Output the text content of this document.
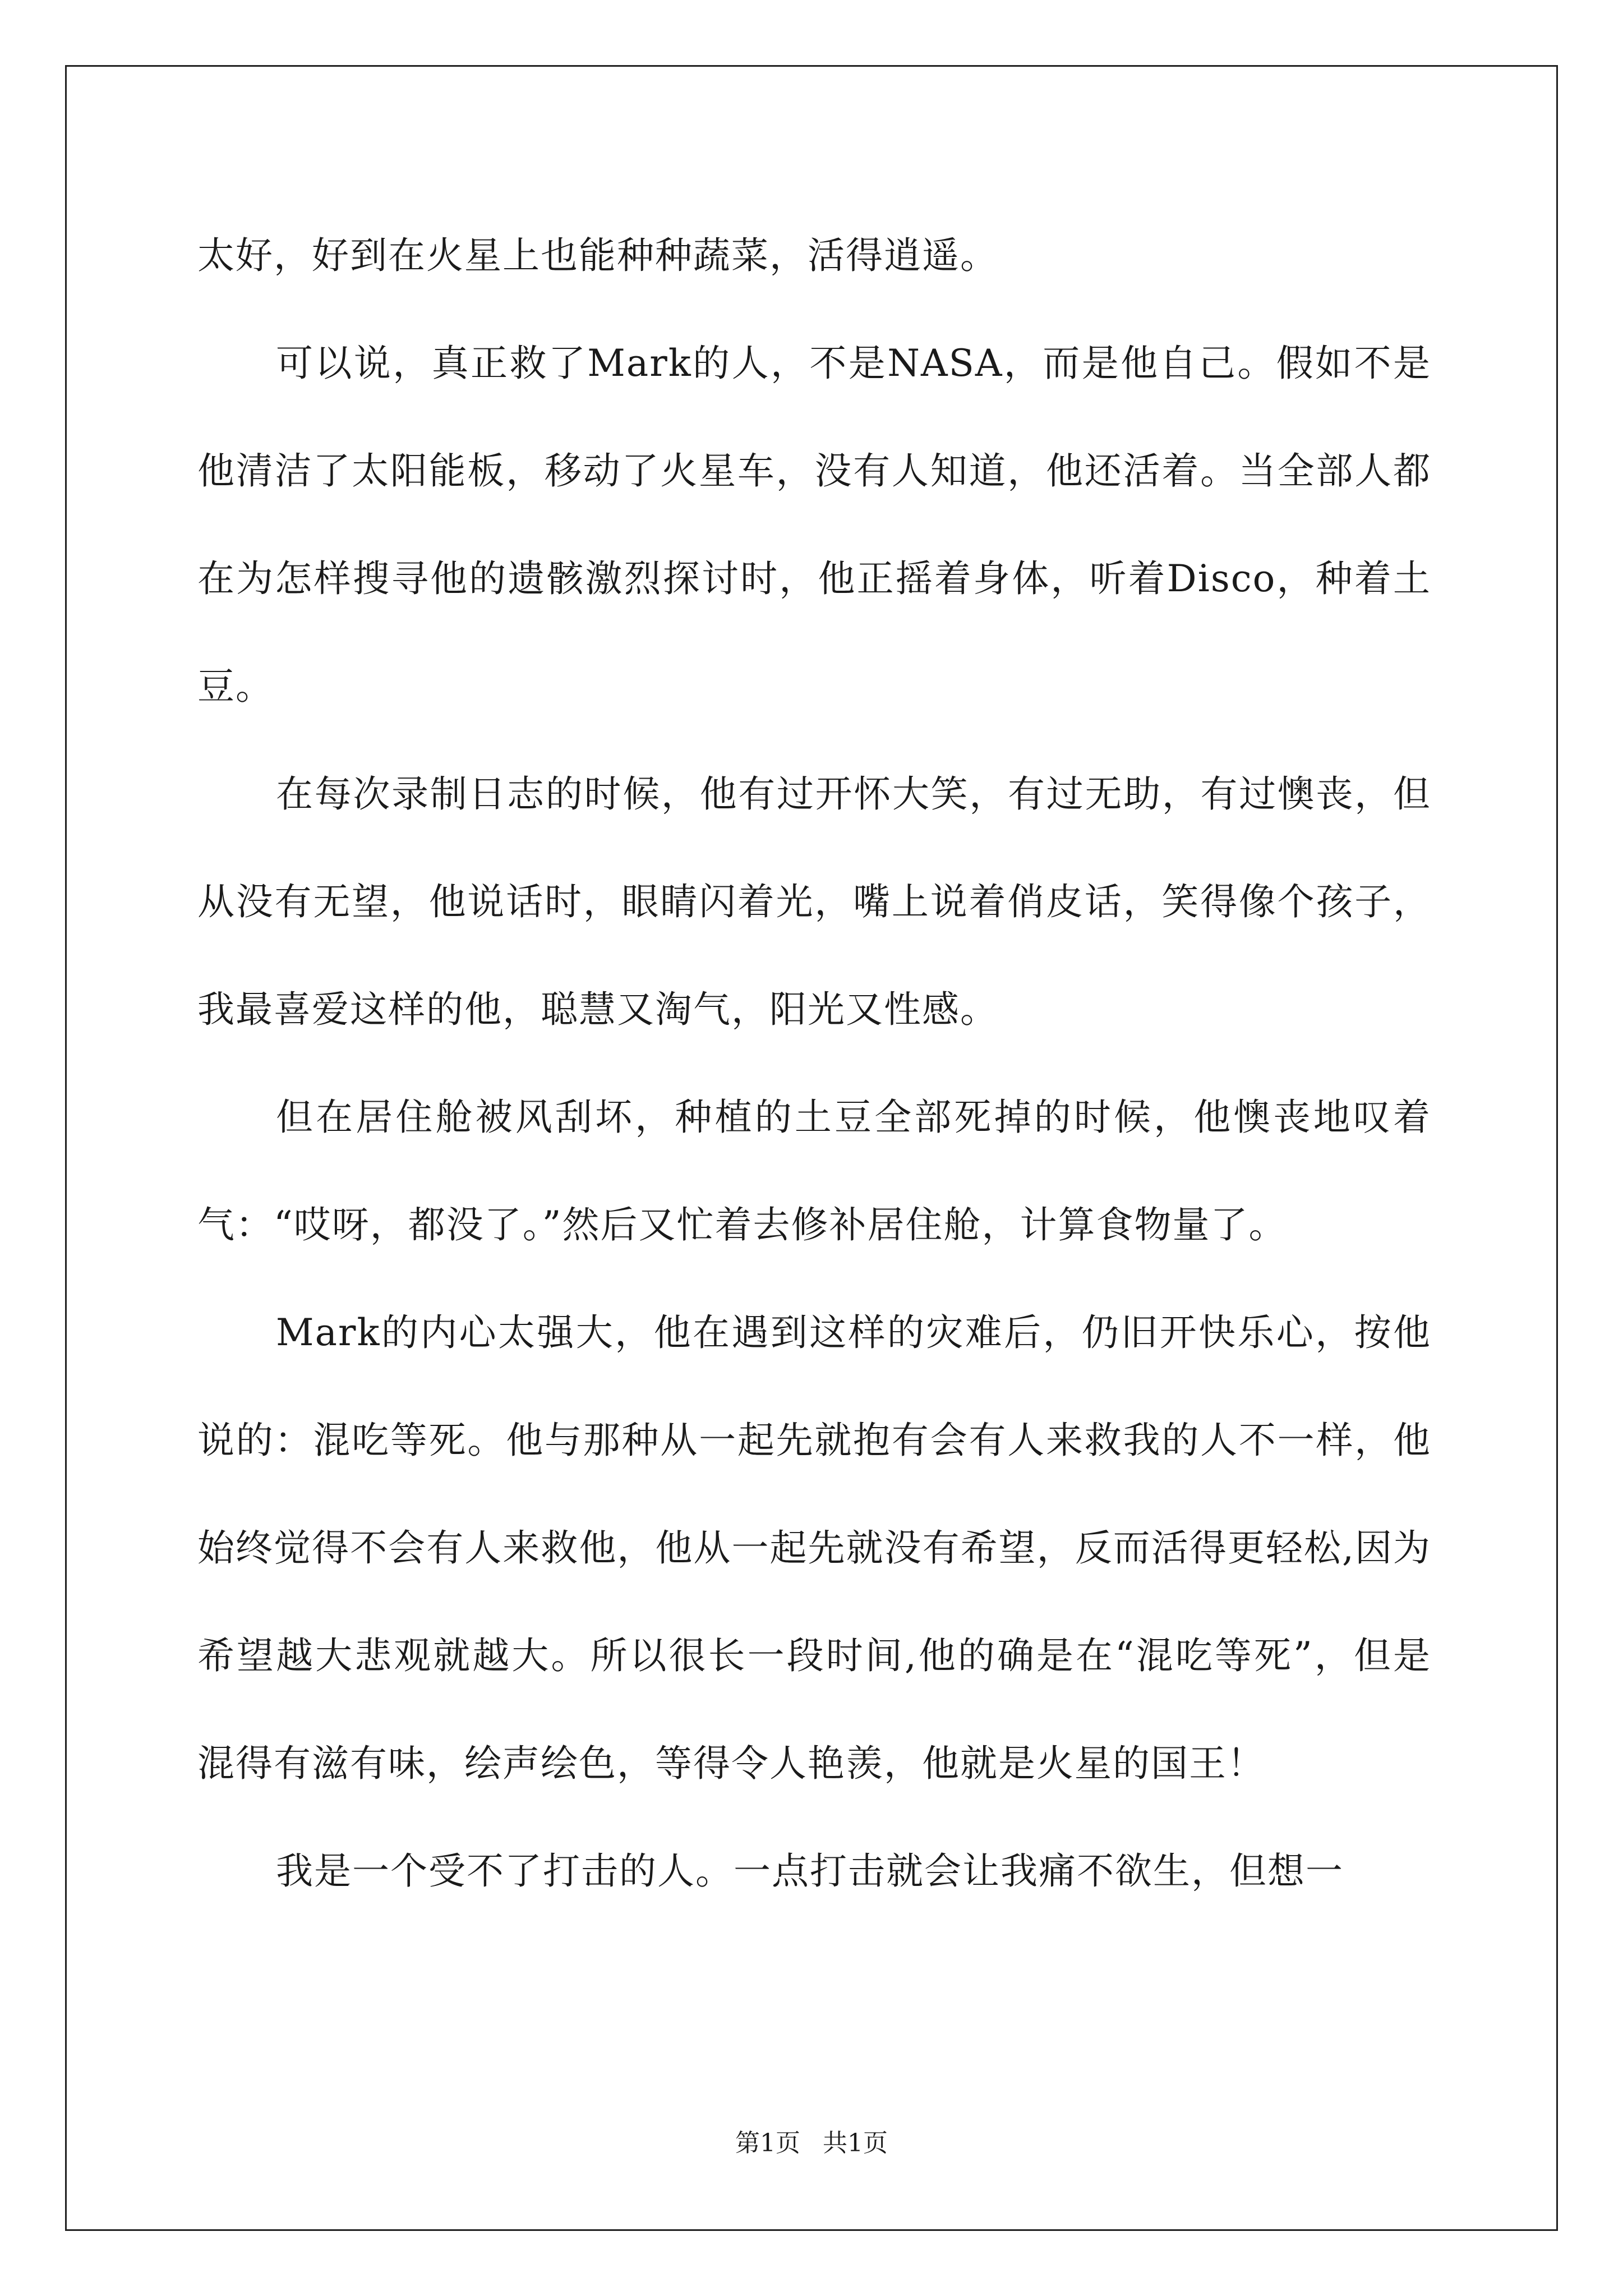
太好，好到在火星上也能种种蔬菜，活得逍遥。

可以说，真正救了Mark的人，不是NASA，而是他自己。假如不是他清洁了太阳能板，移动了火星车，没有人知道，他还活着。当全部人都在为怎样搜寻他的遗骸激烈探讨时，他正摇着身体，听着Disco，种着土豆。

在每次录制日志的时候，他有过开怀大笑，有过无助，有过懊丧，但从没有无望，他说话时，眼睛闪着光，嘴上说着俏皮话，笑得像个孩子，我最喜爱这样的他，聪慧又淘气，阳光又性感。

但在居住舱被风刮坏，种植的土豆全部死掉的时候，他懊丧地叹着气：“哎呀，都没了。”然后又忙着去修补居住舱，计算食物量了。

Mark的内心太强大，他在遇到这样的灾难后，仍旧开快乐心，按他说的：混吃等死。他与那种从一起先就抱有会有人来救我的人不一样，他始终觉得不会有人来救他，他从一起先就没有希望，反而活得更轻松,因为希望越大悲观就越大。所以很长一段时间,他的确是在“混吃等死”，但是混得有滋有味，绘声绘色，等得令人艳羡，他就是火星的国王！

我是一个受不了打击的人。一点打击就会让我痛不欲生，但想一

第1页 共1页
